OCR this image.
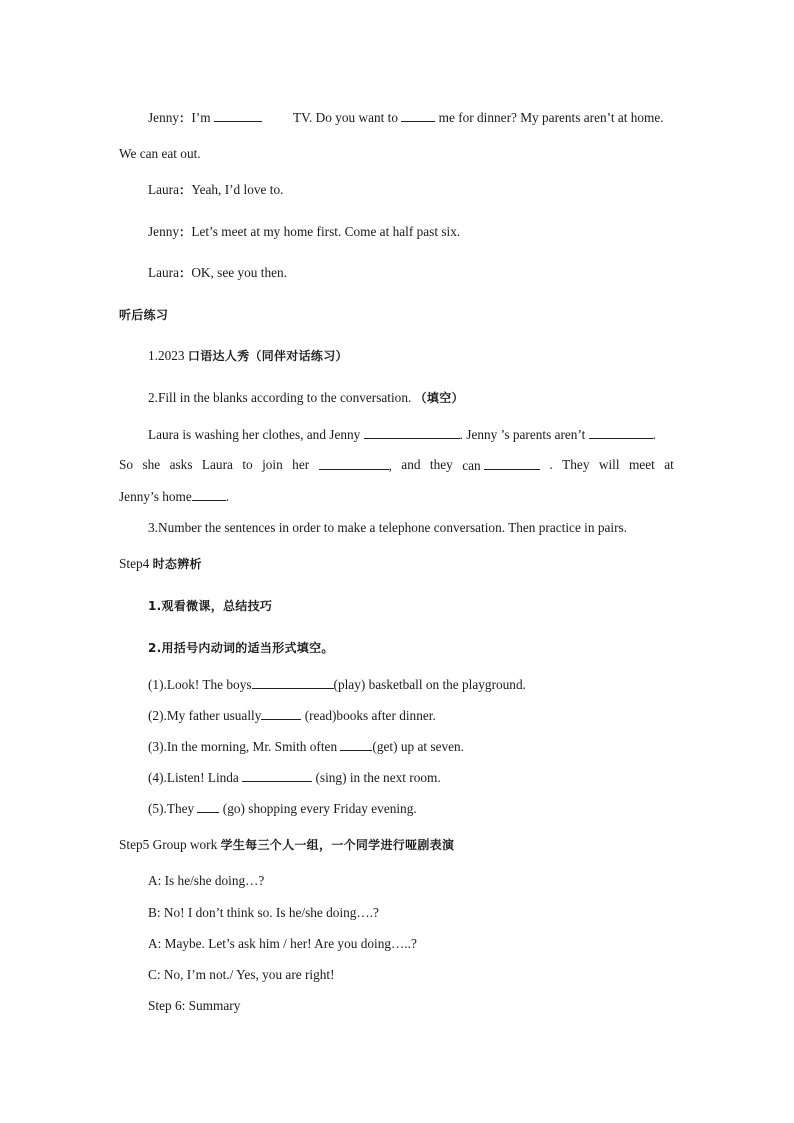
Jenny：I’m	TV. Do you want to	me for dinner? My parents aren’t at home.
We can eat out.
Laura：Yeah, I’d love to.
Jenny：Let’s meet at my home first. Come at half past six.
Laura：OK, see you then.
听后练习
1.2023 口语达人秀（同伴对话练习）
2.Fill in the blanks according to the conversation. （填空）
Laura is washing her clothes, and Jenny	. Jenny ’s parents aren’t	.
So she asks Laura to join her	, and they can	. They will meet at
Jenny’s home	.
3.Number the sentences in order to make a telephone conversation. Then practice in pairs.
Step4 时态辨析
1.观看微课，总结技巧
2.用括号内动词的适当形式填空。
(1).Look! The boys	(play) basketball on the playground.
(2).My father usually	(read)books after dinner.
(3).In the morning, Mr. Smith often (get) up at seven.
(4).Listen! Linda	(sing) in the next room.
(5).They  (go) shopping every Friday evening.
Step5 Group work 学生每三个人一组，一个同学进行哑剧表演
A: Is he/she doing…?
B: No! I don’t think so. Is he/she doing….?
A: Maybe. Let’s ask him / her! Are you doing…..?
C: No, I’m not./ Yes, you are right!
Step 6: Summary
